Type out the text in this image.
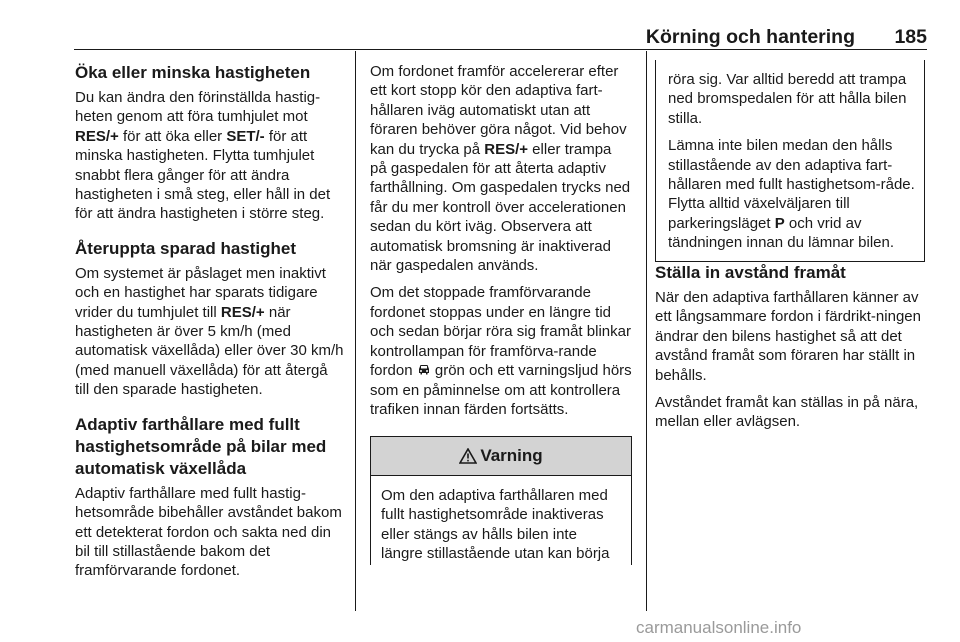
Körning och hantering 185
Öka eller minska hastigheten

Du kan ändra den förinställda hastig-heten genom att föra tumhjulet mot RES/+ för att öka eller SET/- för att minska hastigheten. Flytta tumhjulet snabbt flera gånger för att ändra hastigheten i små steg, eller håll in det för att ändra hastigheten i större steg.

Återuppta sparad hastighet

Om systemet är påslaget men inaktivt och en hastighet har sparats tidigare vrider du tumhjulet till RES/+ när hastigheten är över 5 km/h (med automatisk växellåda) eller över 30 km/h (med manuell växellåda) för att återgå till den sparade hastigheten.

Adaptiv farthållare med fullt hastighetsområde på bilar med automatisk växellåda

Adaptiv farthållare med fullt hastig-hetsområde bibehåller avståndet bakom ett detekterat fordon och sakta ned din bil till stillastående bakom det framförvarande fordonet.

Om fordonet framför accelererar efter ett kort stopp kör den adaptiva fart-hållaren iväg automatiskt utan att föraren behöver göra något. Vid behov kan du trycka på RES/+ eller trampa på gaspedalen för att återta adaptiv farthållning. Om gaspedalen trycks ned får du mer kontroll över accelerationen sedan du kört iväg. Observera att automatisk bromsning är inaktiverad när gaspedalen används.

Om det stoppade framförvarande fordonet stoppas under en längre tid och sedan börjar röra sig framåt blinkar kontrollampan för framförva-rande fordon  grön och ett varningsljud hörs som en påminnelse om att kontrollera trafiken innan färden fortsätts.

Varning
Om den adaptiva farthållaren med fullt hastighetsområde inaktiveras eller stängs av hålls bilen inte längre stillastående utan kan börja

röra sig. Var alltid beredd att trampa ned bromspedalen för att hålla bilen stilla.

Lämna inte bilen medan den hålls stillastående av den adaptiva fart-hållaren med fullt hastighetsom-råde. Flytta alltid växelväljaren till parkeringsläget P och vrid av tändningen innan du lämnar bilen.

Ställa in avstånd framåt

När den adaptiva farthållaren känner av ett långsammare fordon i färdrikt-ningen ändrar den bilens hastighet så att det avstånd framåt som föraren har ställt in behålls.

Avståndet framåt kan ställas in på nära, mellan eller avlägsen.

carmanualsonline.info
